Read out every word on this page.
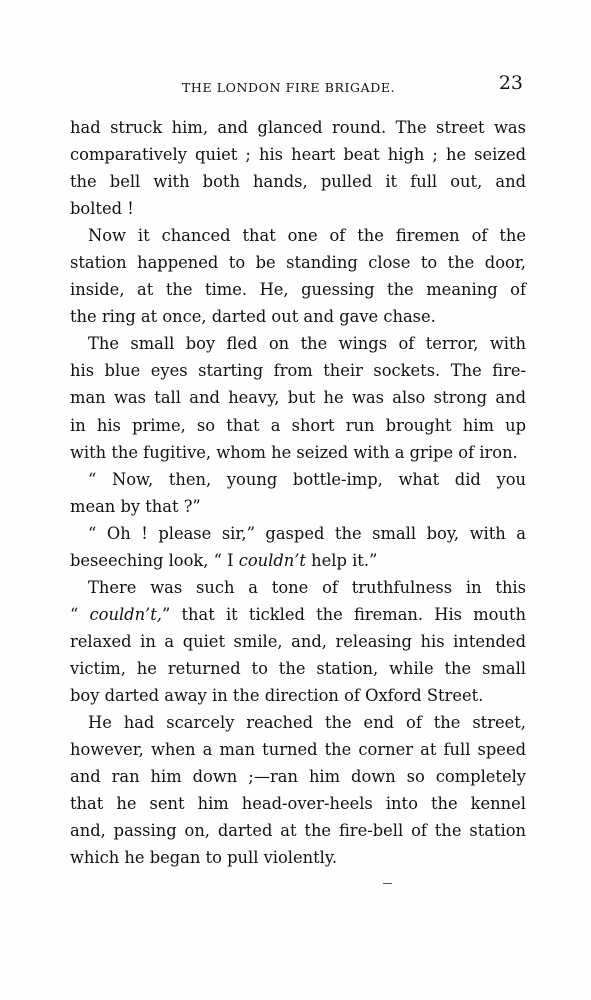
THE LONDON FIRE BRIGADE.	23
had struck him, and glanced round. The street was
comparatively quiet ; his heart beat high ; he seized
the bell with both hands, pulled it full out, and
bolted !
Now it chanced that one of the firemen of the
station happened to be standing close to the door,
inside, at the time. He, guessing the meaning of
the ring at once, darted out and gave chase.
The small boy fled on the wings of terror, with
his blue eyes starting from their sockets. The fire-
man was tall and heavy, but he was also strong and
in his prime, so that a short run brought him up
with the fugitive, whom he seized with a gripe of iron.
“ Now, then, young bottle-imp, what did you
mean by that ?”
“ Oh ! please sir,” gasped the small boy, with a
beseeching look, “ I couldn’t help it.”
There was such a tone of truthfulness in this
“ couldn’t,” that it tickled the fireman. His mouth
relaxed in a quiet smile, and, releasing his intended
victim, he returned to the station, while the small
boy darted away in the direction of Oxford Street.
He had scarcely reached the end of the street,
however, when a man turned the corner at full speed
and ran him down ;—ran him down so completely
that he sent him head-over-heels into the kennel
and, passing on, darted at the fire-bell of the station
which he began to pull violently.
